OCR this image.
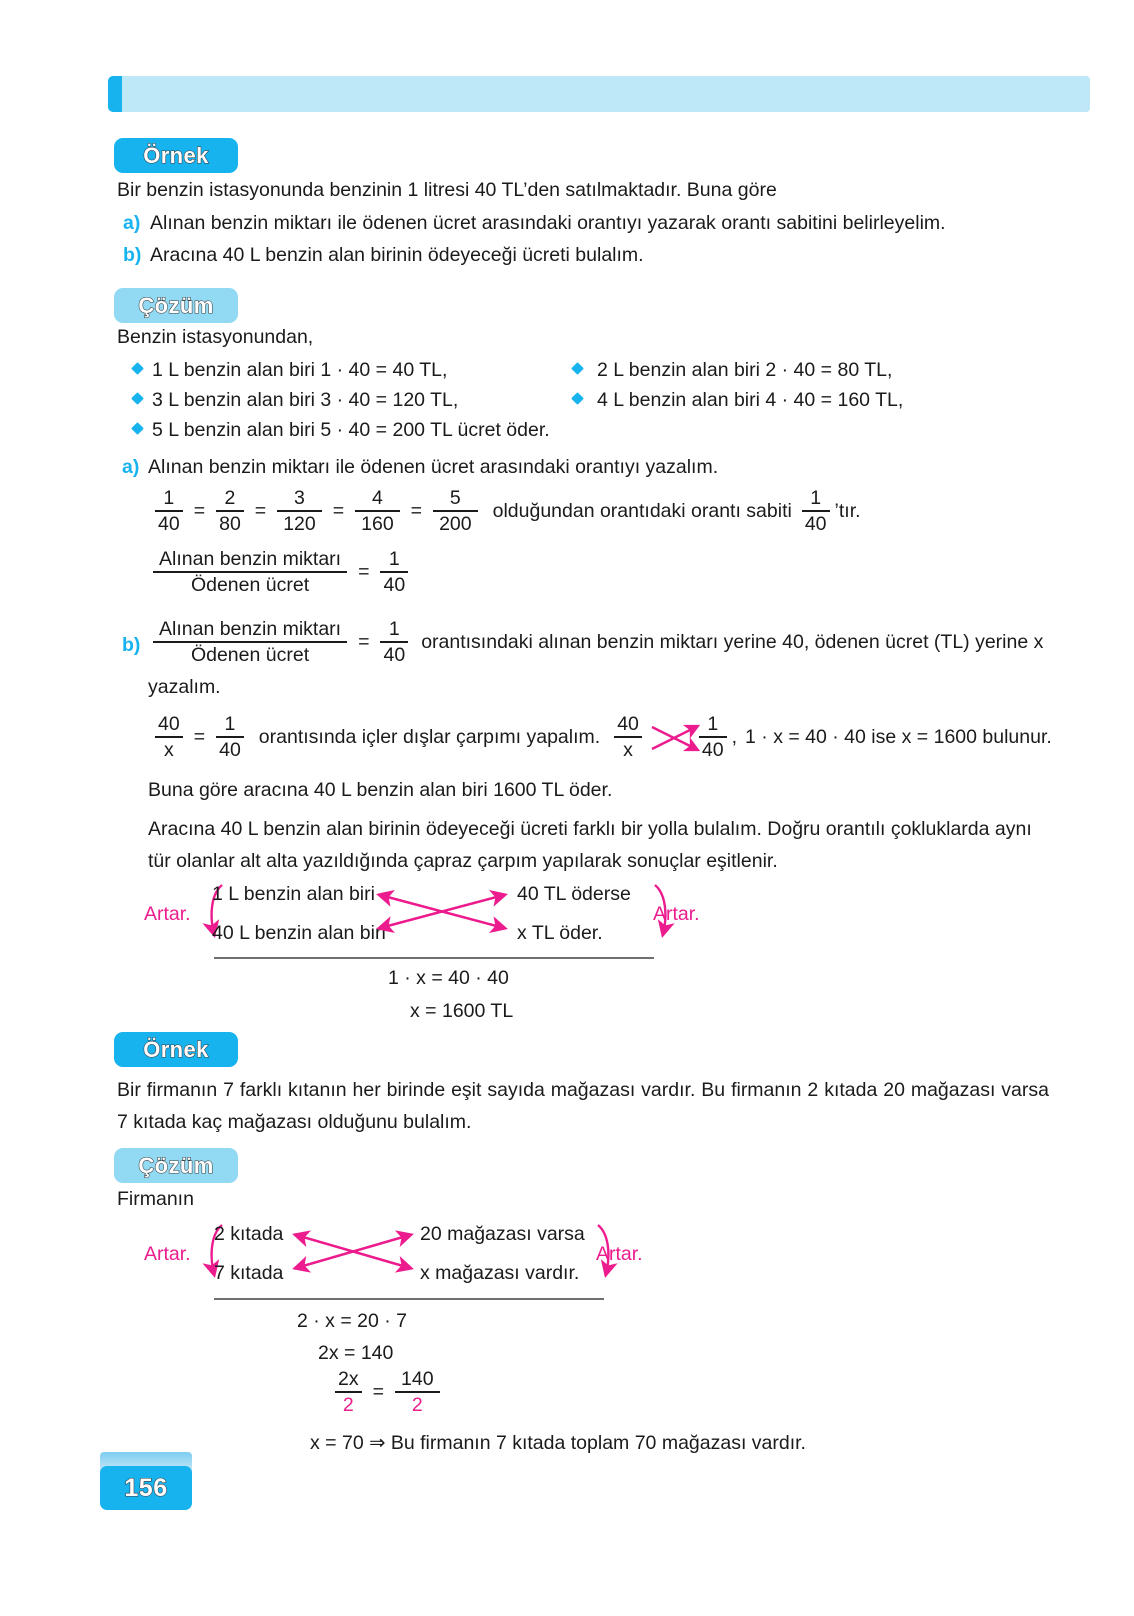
Örnek
Bir benzin istasyonunda benzinin 1 litresi 40 TL’den satılmaktadır. Buna göre
a) Alınan benzin miktarı ile ödenen ücret arasındaki orantıyı yazarak orantı sabitini belirleyelim.
b) Aracına 40 L benzin alan birinin ödeyeceği ücreti bulalım.
Çözüm
Benzin istasyonundan,
1 L benzin alan biri 1 · 40 = 40 TL,	2 L benzin alan biri 2 · 40 = 80 TL,
3 L benzin alan biri 3 · 40 = 120 TL,	4 L benzin alan biri 4 · 40 = 160 TL,
5 L benzin alan biri 5 · 40 = 200 TL ücret öder.
a) Alınan benzin miktarı ile ödenen ücret arasındaki orantıyı yazalım.
$\frac{1}{40} = \frac{2}{80} = \frac{3}{120} = \frac{4}{160} = \frac{5}{200}$ olduğundan orantıdaki orantı sabiti $\frac{1}{40}$ ’tır.
$\frac{\text{Alınan benzin miktarı}}{\text{Ödenen ücret}} = \frac{1}{40}$
$b) \frac{\text{Alınan benzin miktarı}}{\text{Ödenen ücret}} = \frac{1}{40}$ orantısındaki alınan benzin miktarı yerine 40, ödenen ücret (TL) yerine x
yazalım.
$\frac{40}{x} = \frac{1}{40}$ orantısında içler dışlar çarpımı yapalım. $\frac{40}{x}$	$\frac{1}{40}$ , 1 · x = 40 · 40 ise x = 1600 bulunur.
Buna göre aracına 40 L benzin alan biri 1600 TL öder.
Aracına 40 L benzin alan birinin ödeyeceği ücreti farklı bir yolla bulalım. Doğru orantılı çokluklarda aynı tür olanlar alt alta yazıldığında çapraz çarpım yapılarak sonuçlar eşitlenir.
Artar.
1 L benzin alan biri
40 L benzin alan biri
40 TL öderse
x TL öder.
Artar.
1 · x = 40 · 40
x = 1600 TL
Örnek
Bir firmanın 7 farklı kıtanın her birinde eşit sayıda mağazası vardır. Bu firmanın 2 kıtada 20 mağazası varsa 7 kıtada kaç mağazası olduğunu bulalım.
Çözüm
Firmanın
Artar.
2 kıtada
7 kıtada
20 mağazası varsa
x mağazası vardır.
Artar.
2 · x = 20 · 7
2x = 140
$\frac{2x}{2} = \frac{140}{2}$
x = 70 ⇒ Bu firmanın 7 kıtada toplam 70 mağazası vardır.
156
